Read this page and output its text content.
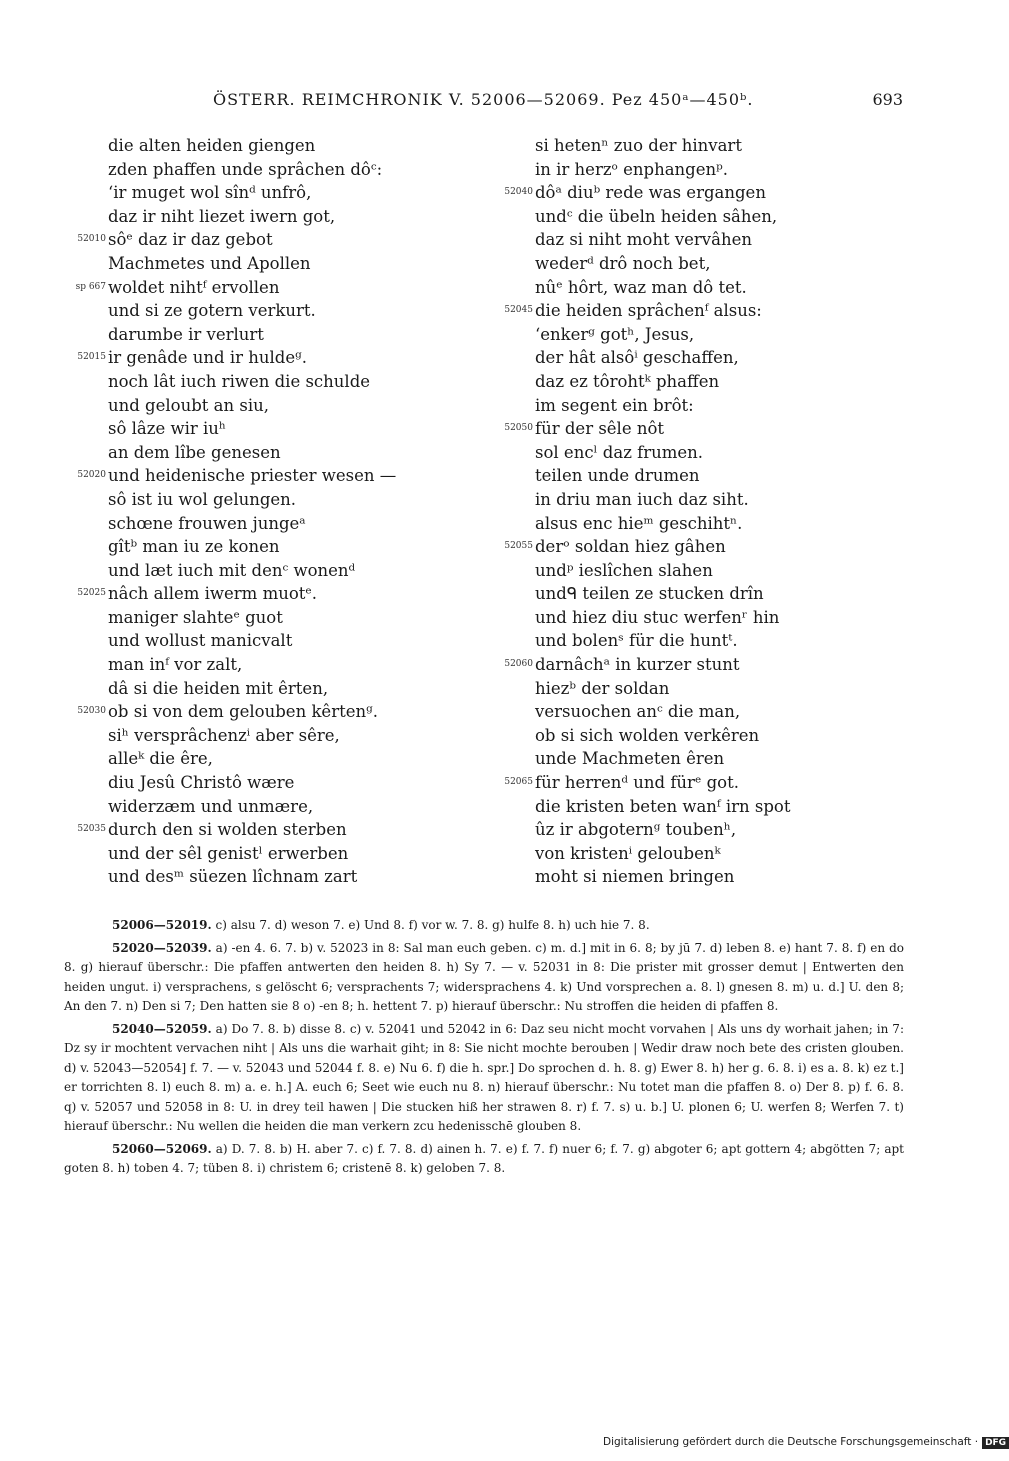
ÖSTERR. REIMCHRONIK V. 52006—52069. Pez 450ᵃ—450ᵇ.	693
die alten heiden giengen
zden phaffen unde sprâchen dôᶜ:
ʻir muget wol sînᵈ unfrô,
daz ir niht liezet iwern got,
52010 sôᵉ daz ir daz gebot
Machmetes und Apollen
sp 667 woldet nihtᶠ ervollen
und si ze gotern verkurt.
darumbe ir verlurt
52015 ir genâde und ir huldeᵍ.
noch lât iuch riwen die schulde
und geloubt an siu,
sô lâze wir iuʰ
an dem lîbe genesen
52020 und heidenische priester wesen —
sô ist iu wol gelungen.
schœne frouwen jungeᵃ
gîtᵇ man iu ze konen
und læt iuch mit denᶜ wonenᵈ
52025 nâch allem iwerm muotᵉ.
maniger slahteᵉ guot
und wollust manicvalt
man inᶠ vor zalt,
dâ si die heiden mit êrten,
52030 ob si von dem gelouben kêrtenᵍ.
siʰ versprâchenzⁱ aber sêre,
alleᵏ die êre,
diu Jesû Christô wære
widerzæm und unmære,
52035 durch den si wolden sterben
und der sêl genistˡ erwerben
und desᵐ süezen lîchnam zart
si hetenⁿ zuo der hinvart
in ir herzᵒ enphangenᵖ.
52040 dôᵃ diuᵇ rede was ergangen
undᶜ die übeln heiden sâhen,
daz si niht moht vervâhen
wederᵈ drô noch bet,
nûᵉ hôrt, waz man dô tet.
52045 die heiden sprâchenᶠ alsus:
ʻenkerᵍ gotʰ, Jesus,
der hât alsôⁱ geschaffen,
daz ez tôrohtᵏ phaffen
im segent ein brôt:
52050 für der sêle nôt
sol encˡ daz frumen.
teilen unde drumen
in driu man iuch daz siht.
alsus enc hieᵐ geschihtⁿ.
52055 derᵒ soldan hiez gâhen
undᵖ ieslîchen slahen
undᑫ teilen ze stucken drîn
und hiez diu stuc werfenʳ hin
und bolenˢ für die huntᵗ.
52060 darnâchᵃ in kurzer stunt
hiezᵇ der soldan
versuochen anᶜ die man,
ob si sich wolden verkêren
unde Machmeten êren
52065 für herrenᵈ und fürᵉ got.
die kristen beten wanᶠ irn spot
ûz ir abgoternᵍ toubenʰ,
von kristenⁱ geloubenᵏ
moht si niemen bringen

52006—52019. c) alsu 7. d) weson 7. e) Und 8. f) vor w. 7. 8. g) hulfe 8. h) uch hie 7. 8.

52020—52039. a) -en 4. 6. 7. b) v. 52023 in 8: Sal man euch geben. c) m. d.] mit in 6. 8; by jū 7. d) leben 8. e) hant 7. 8. f) en do 8. g) hierauf überschr.: Die pfaffen antwerten den heiden 8. h) Sy 7. — v. 52031 in 8: Die prister mit grosser demut | Entwerten den heiden ungut. i) versprachens, s gelöscht 6; versprachents 7; widersprachens 4. k) Und vorsprechen a. 8. l) gnesen 8. m) u. d.] U. den 8; An den 7. n) Den si 7; Den hatten sie 8 o) -en 8; h. hettent 7. p) hierauf überschr.: Nu stroffen die heiden di pfaffen 8.

52040—52059. a) Do 7. 8. b) disse 8. c) v. 52041 und 52042 in 6: Daz seu nicht mocht vorvahen | Als uns dy worhait jahen; in 7: Dz sy ir mochtent vervachen niht | Als uns die warhait giht; in 8: Sie nicht mochte berouben | Wedir draw noch bete des cristen glouben. d) v. 52043—52054] f. 7. — v. 52043 und 52044 f. 8. e) Nu 6. f) die h. spr.] Do sprochen d. h. 8. g) Ewer 8. h) her g. 6. 8. i) es a. 8. k) ez t.] er torrichten 8. l) euch 8. m) a. e. h.] A. euch 6; Seet wie euch nu 8. n) hierauf überschr.: Nu totet man die pfaffen 8. o) Der 8. p) f. 6. 8. q) v. 52057 und 52058 in 8: U. in drey teil hawen | Die stucken hiß her strawen 8. r) f. 7. s) u. b.] U. plonen 6; U. werfen 8; Werfen 7. t) hierauf überschr.: Nu wellen die heiden die man verkern zcu hedenisschē glouben 8.

52060—52069. a) D. 7. 8. b) H. aber 7. c) f. 7. 8. d) ainen h. 7. e) f. 7. f) nuer 6; f. 7. g) abgoter 6; apt gottern 4; abgötten 7; apt goten 8. h) toben 4. 7; tüben 8. i) christem 6; cristenē 8. k) geloben 7. 8.

Digitalisierung gefördert durch die Deutsche Forschungsgemeinschaft · DFG
